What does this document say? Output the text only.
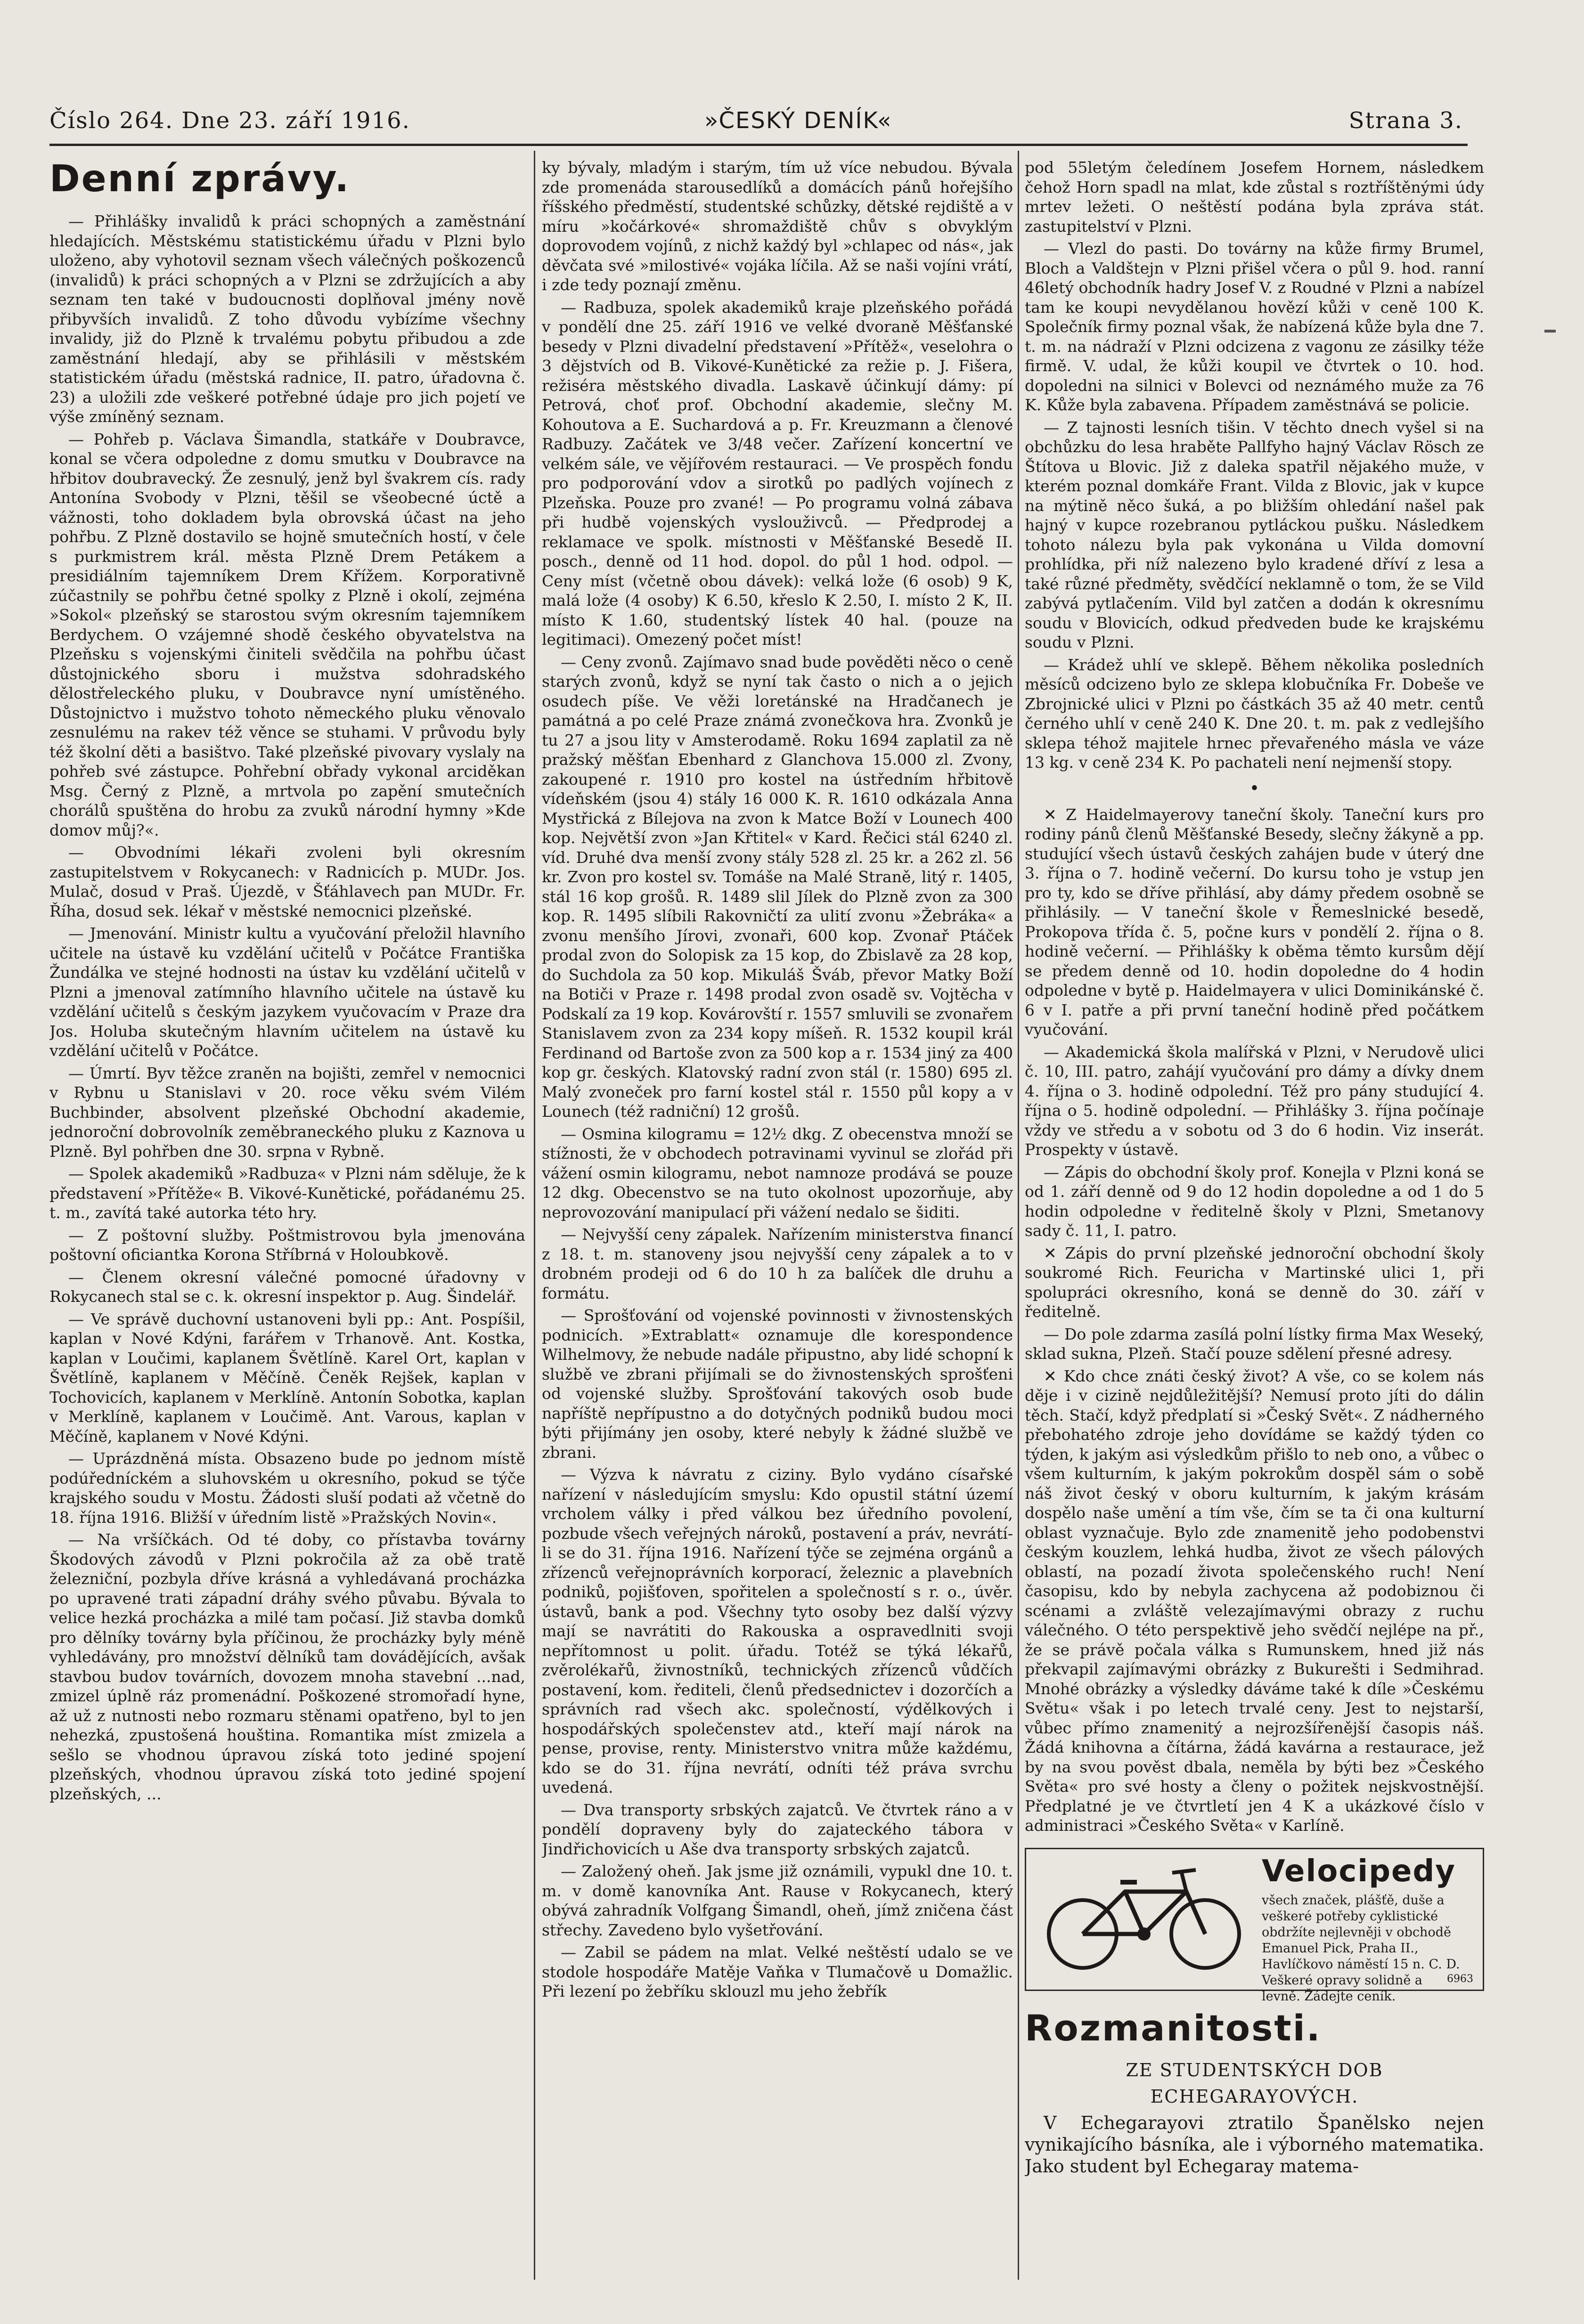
Číslo 264. Dne 23. září 1916.	»ČESKÝ DENÍK«	Strana 3.
Denní zprávy.

— Přihlášky invalidů k práci schopných a zaměstnání hledajících. Městskému statistickému úřadu v Plzni bylo uloženo, aby vyhotovil seznam všech válečných poškozenců (invalidů) k práci schopných a v Plzni se zdržujících a aby seznam ten také v budoucnosti doplňoval jmény nově přibyvších invalidů. Z toho důvodu vybízíme všechny invalidy, již do Plzně k trvalému pobytu přibudou a zde zaměstnání hledají, aby se přihlásili v městském statistickém úřadu (městská radnice, II. patro, úřadovna č. 23) a uložili zde veškeré potřebné údaje pro jich pojetí ve výše zmíněný seznam.

— Pohřeb p. Václava Šimandla, statkáře v Doubravce, konal se včera odpoledne z domu smutku v Doubravce na hřbitov doubravecký. Že zesnulý, jenž byl švakrem cís. rady Antonína Svobody v Plzni, těšil se všeobecné úctě a vážnosti, toho dokladem byla obrovská účast na jeho pohřbu. Z Plzně dostavilo se hojně smutečních hostí, v čele s purkmistrem král. města Plzně Drem Petákem a presidiálním tajemníkem Drem Křížem. Korporativně zúčastnily se pohřbu četné spolky z Plzně i okolí, zejména »Sokol« plzeňský se starostou svým okresním tajemníkem Berdychem. O vzájemné shodě českého obyvatelstva na Plzeňsku s vojenskými činiteli svědčila na pohřbu účast důstojnického sboru i mužstva sdohradského dělostřeleckého pluku, v Doubravce nyní umístěného. Důstojnictvo i mužstvo tohoto německého pluku věnovalo zesnulému na rakev též věnce se stuhami. V průvodu byly též školní děti a basištvo. Také plzeňské pivovary vyslaly na pohřeb své zástupce. Pohřební obřady vykonal arciděkan Msg. Černý z Plzně, a mrtvola po zapění smutečních chorálů spuštěna do hrobu za zvuků národní hymny »Kde domov můj?«.

— Obvodními lékaři zvoleni byli okresním zastupitelstvem v Rokycanech: v Radnicích p. MUDr. Jos. Mulač, dosud v Praš. Újezdě, v Šťáhlavech pan MUDr. Fr. Říha, dosud sek. lékař v městské nemocnici plzeňské.

— Jmenování. Ministr kultu a vyučování přeložil hlavního učitele na ústavě ku vzdělání učitelů v Počátce Františka Žundálka ve stejné hodnosti na ústav ku vzdělání učitelů v Plzni a jmenoval zatímního hlavního učitele na ústavě ku vzdělání učitelů s českým jazykem vyučovacím v Praze dra Jos. Holuba skutečným hlavním učitelem na ústavě ku vzdělání učitelů v Počátce.

— Úmrtí. Byv těžce zraněn na bojišti, zemřel v nemocnici v Rybnu u Stanislavi v 20. roce věku svém Vilém Buchbinder, absolvent plzeňské Obchodní akademie, jednoroční dobrovolník zeměbraneckého pluku z Kaznova u Plzně. Byl pohřben dne 30. srpna v Rybně.

— Spolek akademiků »Radbuza« v Plzni nám sděluje, že k představení »Přítěže« B. Vikové-Kunětické, pořádanému 25. t. m., zavítá také autorka této hry.

— Z poštovní služby. Poštmistrovou byla jmenována poštovní oficiantka Korona Stříbrná v Holoubkově.

— Členem okresní válečné pomocné úřadovny v Rokycanech stal se c. k. okresní inspektor p. Aug. Šindelář.

— Ve správě duchovní ustanoveni byli pp.: Ant. Pospíšil, kaplan v Nové Kdýni, farářem v Trhanově. Ant. Kostka, kaplan v Loučimi, kaplanem Švětlíně. Karel Ort, kaplan v Švětlíně, kaplanem v Měčíně. Čeněk Rejšek, kaplan v Tochovicích, kaplanem v Merklíně. Antonín Sobotka, kaplan v Merklíně, kaplanem v Loučimě. Ant. Varous, kaplan v Měčíně, kaplanem v Nové Kdýni.

— Uprázdněná místa. Obsazeno bude po jednom místě podúředníckém a sluhovském u okresního, pokud se týče krajského soudu v Mostu. Žádosti sluší podati až včetně do 18. října 1916. Bližší v úředním listě »Pražských Novin«.

— Na vršíčkách. Od té doby, co přístavba továrny Škodových závodů v Plzni pokročila až za obě tratě železniční, pozbyla dříve krásná a vyhledávaná procházka po upravené trati západní dráhy svého půvabu. Bývala to velice hezká procházka a milé tam počasí. Již stavba domků pro dělníky továrny byla příčinou, že procházky byly méně vyhledávány, pro množství dělníků tam dovádějících, avšak stavbou budov továrních, dovozem mnoha stavební ...nad, zmizel úplně ráz promenádní. Poškozené stromořadí hyne, až už z nutnosti nebo rozmaru stěnami opatřeno, byl to jen nehezká, zpustošená houština. Romantika míst zmizela a sešlo se vhodnou úpravou získá toto jediné spojení plzeňských, vhodnou úpravou získá toto jediné spojení plzeňských, ...

ky bývaly, mladým i starým, tím už více nebudou. Bývala zde promenáda starousedlíků a domácích pánů hořejšího říšského předměstí, studentské schůzky, dětské rejdiště a v míru »kočárkové« shromaždiště chův s obvyklým doprovodem vojínů, z nichž každý byl »chlapec od nás«, jak děvčata své »milostivé« vojáka líčila. Až se naši vojíni vrátí, i zde tedy poznají změnu.

— Radbuza, spolek akademiků kraje plzeňského pořádá v pondělí dne 25. září 1916 ve velké dvoraně Měšťanské besedy v Plzni divadelní představení »Přítěž«, veselohra o 3 dějstvích od B. Vikové-Kunětické za režie p. J. Fišera, režiséra městského divadla. Laskavě účinkují dámy: pí Petrová, choť prof. Obchodní akademie, slečny M. Kohoutova a E. Suchardová a p. Fr. Kreuzmann a členové Radbuzy. Začátek ve 3/48 večer. Zařízení koncertní ve velkém sále, ve vějířovém restauraci. — Ve prospěch fondu pro podporování vdov a sirotků po padlých vojínech z Plzeňska. Pouze pro zvané! — Po programu volná zábava při hudbě vojenských vyslouživců. — Předprodej a reklamace ve spolk. místnosti v Měšťanské Besedě II. posch., denně od 11 hod. dopol. do půl 1 hod. odpol. — Ceny míst (včetně obou dávek): velká lože (6 osob) 9 K, malá lože (4 osoby) K 6.50, křeslo K 2.50, I. místo 2 K, II. místo K 1.60, studentský lístek 40 hal. (pouze na legitimaci). Omezený počet míst!

— Ceny zvonů. Zajímavo snad bude pověděti něco o ceně starých zvonů, když se nyní tak často o nich a o jejich osudech píše. Ve věži loretánské na Hradčanech je památná a po celé Praze známá zvonečkova hra. Zvonků je tu 27 a jsou lity v Amsterodamě. Roku 1694 zaplatil za ně pražský měšťan Ebenhard z Glanchova 15.000 zl. Zvony, zakoupené r. 1910 pro kostel na ústředním hřbitově vídeňském (jsou 4) stály 16 000 K. R. 1610 odkázala Anna Mystřická z Bílejova na zvon k Matce Boží v Lounech 400 kop. Největší zvon »Jan Křtitel« v Kard. Řečici stál 6240 zl. víd. Druhé dva menší zvony stály 528 zl. 25 kr. a 262 zl. 56 kr. Zvon pro kostel sv. Tomáše na Malé Straně, litý r. 1405, stál 16 kop grošů. R. 1489 slil Jílek do Plzně zvon za 300 kop. R. 1495 slíbili Rakovničtí za ulití zvonu »Žebráka« a zvonu menšího Jírovi, zvonaři, 600 kop. Zvonař Ptáček prodal zvon do Solopisk za 15 kop, do Zbislavě za 28 kop, do Suchdola za 50 kop. Mikuláš Šváb, převor Matky Boží na Botiči v Praze r. 1498 prodal zvon osadě sv. Vojtěcha v Podskalí za 19 kop. Kovárovští r. 1557 smluvili se zvonařem Stanislavem zvon za 234 kopy míšeň. R. 1532 koupil král Ferdinand od Bartoše zvon za 500 kop a r. 1534 jiný za 400 kop gr. českých. Klatovský radní zvon stál (r. 1580) 695 zl. Malý zvoneček pro farní kostel stál r. 1550 půl kopy a v Lounech (též radniční) 12 grošů.

— Osmina kilogramu = 12½ dkg. Z obecenstva množí se stížnosti, že v obchodech potravinami vyvinul se zlořád při vážení osmin kilogramu, nebot namnoze prodává se pouze 12 dkg. Obecenstvo se na tuto okolnost upozorňuje, aby neprovozování manipulací při vážení nedalo se šiditi.

— Nejvyšší ceny zápalek. Nařízením ministerstva financí z 18. t. m. stanoveny jsou nejvyšší ceny zápalek a to v drobném prodeji od 6 do 10 h za balíček dle druhu a formátu.

— Sprošťování od vojenské povinnosti v živnostenských podnicích. »Extrablatt« oznamuje dle korespondence Wilhelmovy, že nebude nadále připustno, aby lidé schopní k službě ve zbrani přijímali se do živnostenských sprošťeni od vojenské služby. Sprošťování takových osob bude napříště nepřípustno a do dotyčných podniků budou moci býti přijímány jen osoby, které nebyly k žádné službě ve zbrani.

— Výzva k návratu z ciziny. Bylo vydáno císařské nařízení v následujícím smyslu: Kdo opustil státní území vrcholem války i před válkou bez úředního povolení, pozbude všech veřejných nároků, postavení a práv, nevrátí-li se do 31. října 1916. Nařízení týče se zejména orgánů a zřízenců veřejnoprávních korporací, železnic a plavebních podniků, pojišťoven, spořitelen a společností s r. o., úvěr. ústavů, bank a pod. Všechny tyto osoby bez další výzvy mají se navrátiti do Rakouska a ospravedlniti svoji nepřítomnost u polit. úřadu. Totéž se týká lékařů, zvěrolékařů, živnostníků, technických zřízenců vůdčích postavení, kom. řediteli, členů předsednictev i dozorčích a správních rad všech akc. společností, výdělkových i hospodářských společenstev atd., kteří mají nárok na pense, provise, renty. Ministerstvo vnitra může každému, kdo se do 31. října nevrátí, odníti též práva svrchu uvedená.

— Dva transporty srbských zajatců. Ve čtvrtek ráno a v pondělí dopraveny byly do zajateckého tábora v Jindřichovicích u Aše dva transporty srbských zajatců.

— Založený oheň. Jak jsme již oznámili, vypukl dne 10. t. m. v domě kanovníka Ant. Rause v Rokycanech, který obývá zahradník Volfgang Šimandl, oheň, jímž zničena část střechy. Zavedeno bylo vyšetřování.

— Zabil se pádem na mlat. Velké neštěstí udalo se ve stodole hospodáře Matěje Vaňka v Tlumačově u Domažlic. Při lezení po žebříku sklouzl mu jeho žebřík

pod 55letým čeledínem Josefem Hornem, následkem čehož Horn spadl na mlat, kde zůstal s roztříštěnými údy mrtev ležeti. O neštěstí podána byla zpráva stát. zastupitelství v Plzni.

— Vlezl do pasti. Do továrny na kůže firmy Brumel, Bloch a Valdštejn v Plzni přišel včera o půl 9. hod. ranní 46letý obchodník hadry Josef V. z Roudné v Plzni a nabízel tam ke koupi nevydělanou hovězí kůži v ceně 100 K. Společník firmy poznal však, že nabízená kůže byla dne 7. t. m. na nádraží v Plzni odcizena z vagonu ze zásilky téže firmě. V. udal, že kůži koupil ve čtvrtek o 10. hod. dopoledni na silnici v Bolevci od neznámého muže za 76 K. Kůže byla zabavena. Případem zaměstnává se policie.

— Z tajnosti lesních tišin. V těchto dnech vyšel si na obchůzku do lesa hraběte Pallfyho hajný Václav Rösch ze Štítova u Blovic. Již z daleka spatřil nějakého muže, v kterém poznal domkáře Frant. Vilda z Blovic, jak v kupce na mýtině něco šuká, a po bližším ohledání našel pak hajný v kupce rozebranou pytláckou pušku. Následkem tohoto nálezu byla pak vykonána u Vilda domovní prohlídka, při níž nalezeno bylo kradené dříví z lesa a také různé předměty, svědčící neklamně o tom, že se Vild zabývá pytlačením. Vild byl zatčen a dodán k okresnímu soudu v Blovicích, odkud předveden bude ke krajskému soudu v Plzni.

— Krádež uhlí ve sklepě. Během několika posledních měsíců odcizeno bylo ze sklepa klobučníka Fr. Dobeše ve Zbrojnické ulici v Plzni po částkách 35 až 40 metr. centů černého uhlí v ceně 240 K. Dne 20. t. m. pak z vedlejšího sklepa téhož majitele hrnec převařeného másla ve váze 13 kg. v ceně 234 K. Po pachateli není nejmenší stopy.

•

✕ Z Haidelmayerovy taneční školy. Taneční kurs pro rodiny pánů členů Měšťanské Besedy, slečny žákyně a pp. studující všech ústavů českých zahájen bude v úterý dne 3. října o 7. hodině večerní. Do kursu toho je vstup jen pro ty, kdo se dříve přihlásí, aby dámy předem osobně se přihlásily. — V taneční škole v Řemeslnické besedě, Prokopova třída č. 5, počne kurs v pondělí 2. října o 8. hodině večerní. — Přihlášky k oběma těmto kursům dějí se předem denně od 10. hodin dopoledne do 4 hodin odpoledne v bytě p. Haidelmayera v ulici Dominikánské č. 6 v I. patře a při první taneční hodině před počátkem vyučování.

— Akademická škola malířská v Plzni, v Nerudově ulici č. 10, III. patro, zahájí vyučování pro dámy a dívky dnem 4. října o 3. hodině odpolední. Též pro pány studující 4. října o 5. hodině odpolední. — Přihlášky 3. října počínaje vždy ve středu a v sobotu od 3 do 6 hodin. Viz inserát. Prospekty v ústavě.

— Zápis do obchodní školy prof. Konejla v Plzni koná se od 1. září denně od 9 do 12 hodin dopoledne a od 1 do 5 hodin odpoledne v ředitelně školy v Plzni, Smetanovy sady č. 11, I. patro.

✕ Zápis do první plzeňské jednoroční obchodní školy soukromé Rich. Feuricha v Martinské ulici 1, při spolupráci okresního, koná se denně do 30. září v ředitelně.

— Do pole zdarma zasílá polní lístky firma Max Weseký, sklad sukna, Plzeň. Stačí pouze sdělení přesné adresy.

✕ Kdo chce znáti český život? A vše, co se kolem nás děje i v cizině nejdůležitější? Nemusí proto jíti do dálin těch. Stačí, když předplatí si »Český Svět«. Z nádherného přebohatého zdroje jeho dovídáme se každý týden co týden, k jakým asi výsledkům přišlo to neb ono, a vůbec o všem kulturním, k jakým pokrokům dospěl sám o sobě náš život český v oboru kulturním, k jakým krásám dospělo naše umění a tím vše, čím se ta či ona kulturní oblast vyznačuje. Bylo zde znamenitě jeho podobenstvi českým kouzlem, lehká hudba, život ze všech pálových oblastí, na pozadí života společenského ruch! Není časopisu, kdo by nebyla zachycena až podobiznou či scénami a zvláště velezajímavými obrazy z ruchu válečného. O této perspektivě jeho svědčí nejlépe na př., že se právě počala válka s Rumunskem, hned již nás překvapil zajímavými obrázky z Bukurešti i Sedmihrad. Mnohé obrázky a výsledky dáváme také k díle »Českému Světu« však i po letech trvalé ceny. Jest to nejstarší, vůbec přímo znamenitý a nejrozšířenější časopis náš. Žádá knihovna a čítárna, žádá kavárna a restaurace, jež by na svou pověst dbala, neměla by býti bez »Českého Světa« pro své hosty a členy o požitek nejskvostnější. Předplatné je ve čtvrtletí jen 4 K a ukázkové číslo v administraci »Českého Světa« v Karlíně.

Velocipedy
všech značek, plášťě, duše a veškeré potřeby cyklistické obdržíte nejlevněji v obchodě Emanuel Pick, Praha II., Havlíčkovo náměstí 15 n. C. D. Veškeré opravy solidně a levně. Žádejte ceník.
6963
Rozmanitosti.
ZE STUDENTSKÝCH DOB
ECHEGARAYOVÝCH.

V Echegarayovi ztratilo Španělsko nejen vynikajícího básníka, ale i výborného matematika. Jako student byl Echegaray matema-
